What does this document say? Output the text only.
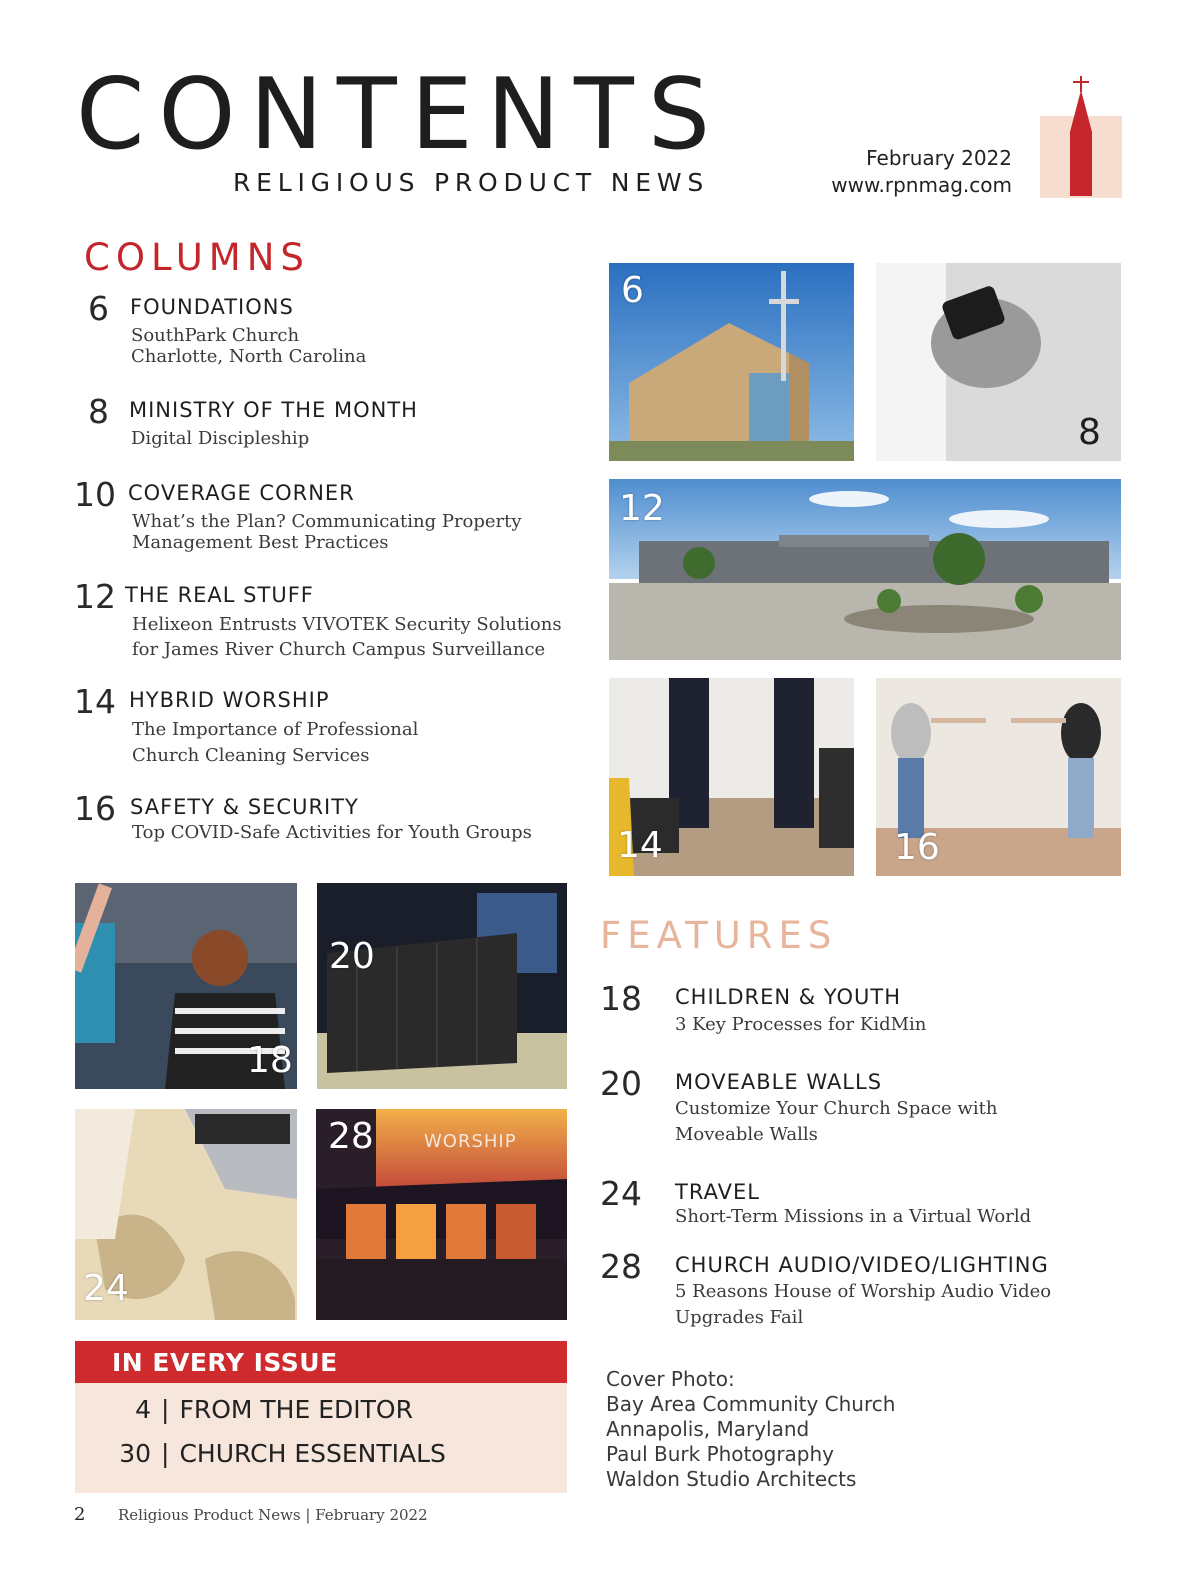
CONTENTS
RELIGIOUS PRODUCT NEWS
February 2022
www.rpnmag.com
COLUMNS
6 FOUNDATIONS
SouthPark Church
Charlotte, North Carolina
8 MINISTRY OF THE MONTH
Digital Discipleship
10 COVERAGE CORNER
What’s the Plan? Communicating Property
Management Best Practices
12 THE REAL STUFF
Helixeon Entrusts VIVOTEK Security Solutions
for James River Church Campus Surveillance
14 HYBRID WORSHIP
The Importance of Professional
Church Cleaning Services
16 SAFETY & SECURITY
Top COVID-Safe Activities for Youth Groups
6
8
12
14	16
18
20
24
WORSHIP
28
FEATURES
18 CHILDREN & YOUTH
3 Key Processes for KidMin
20 MOVEABLE WALLS
Customize Your Church Space with
Moveable Walls
24 TRAVEL
Short-Term Missions in a Virtual World
28 CHURCH AUDIO/VIDEO/LIGHTING
5 Reasons House of Worship Audio Video
Upgrades Fail
IN EVERY ISSUE
4 | FROM THE EDITOR
30 | CHURCH ESSENTIALS
Cover Photo:
Bay Area Community Church
Annapolis, Maryland
Paul Burk Photography
Waldon Studio Architects
2 Religious Product News | February 2022
